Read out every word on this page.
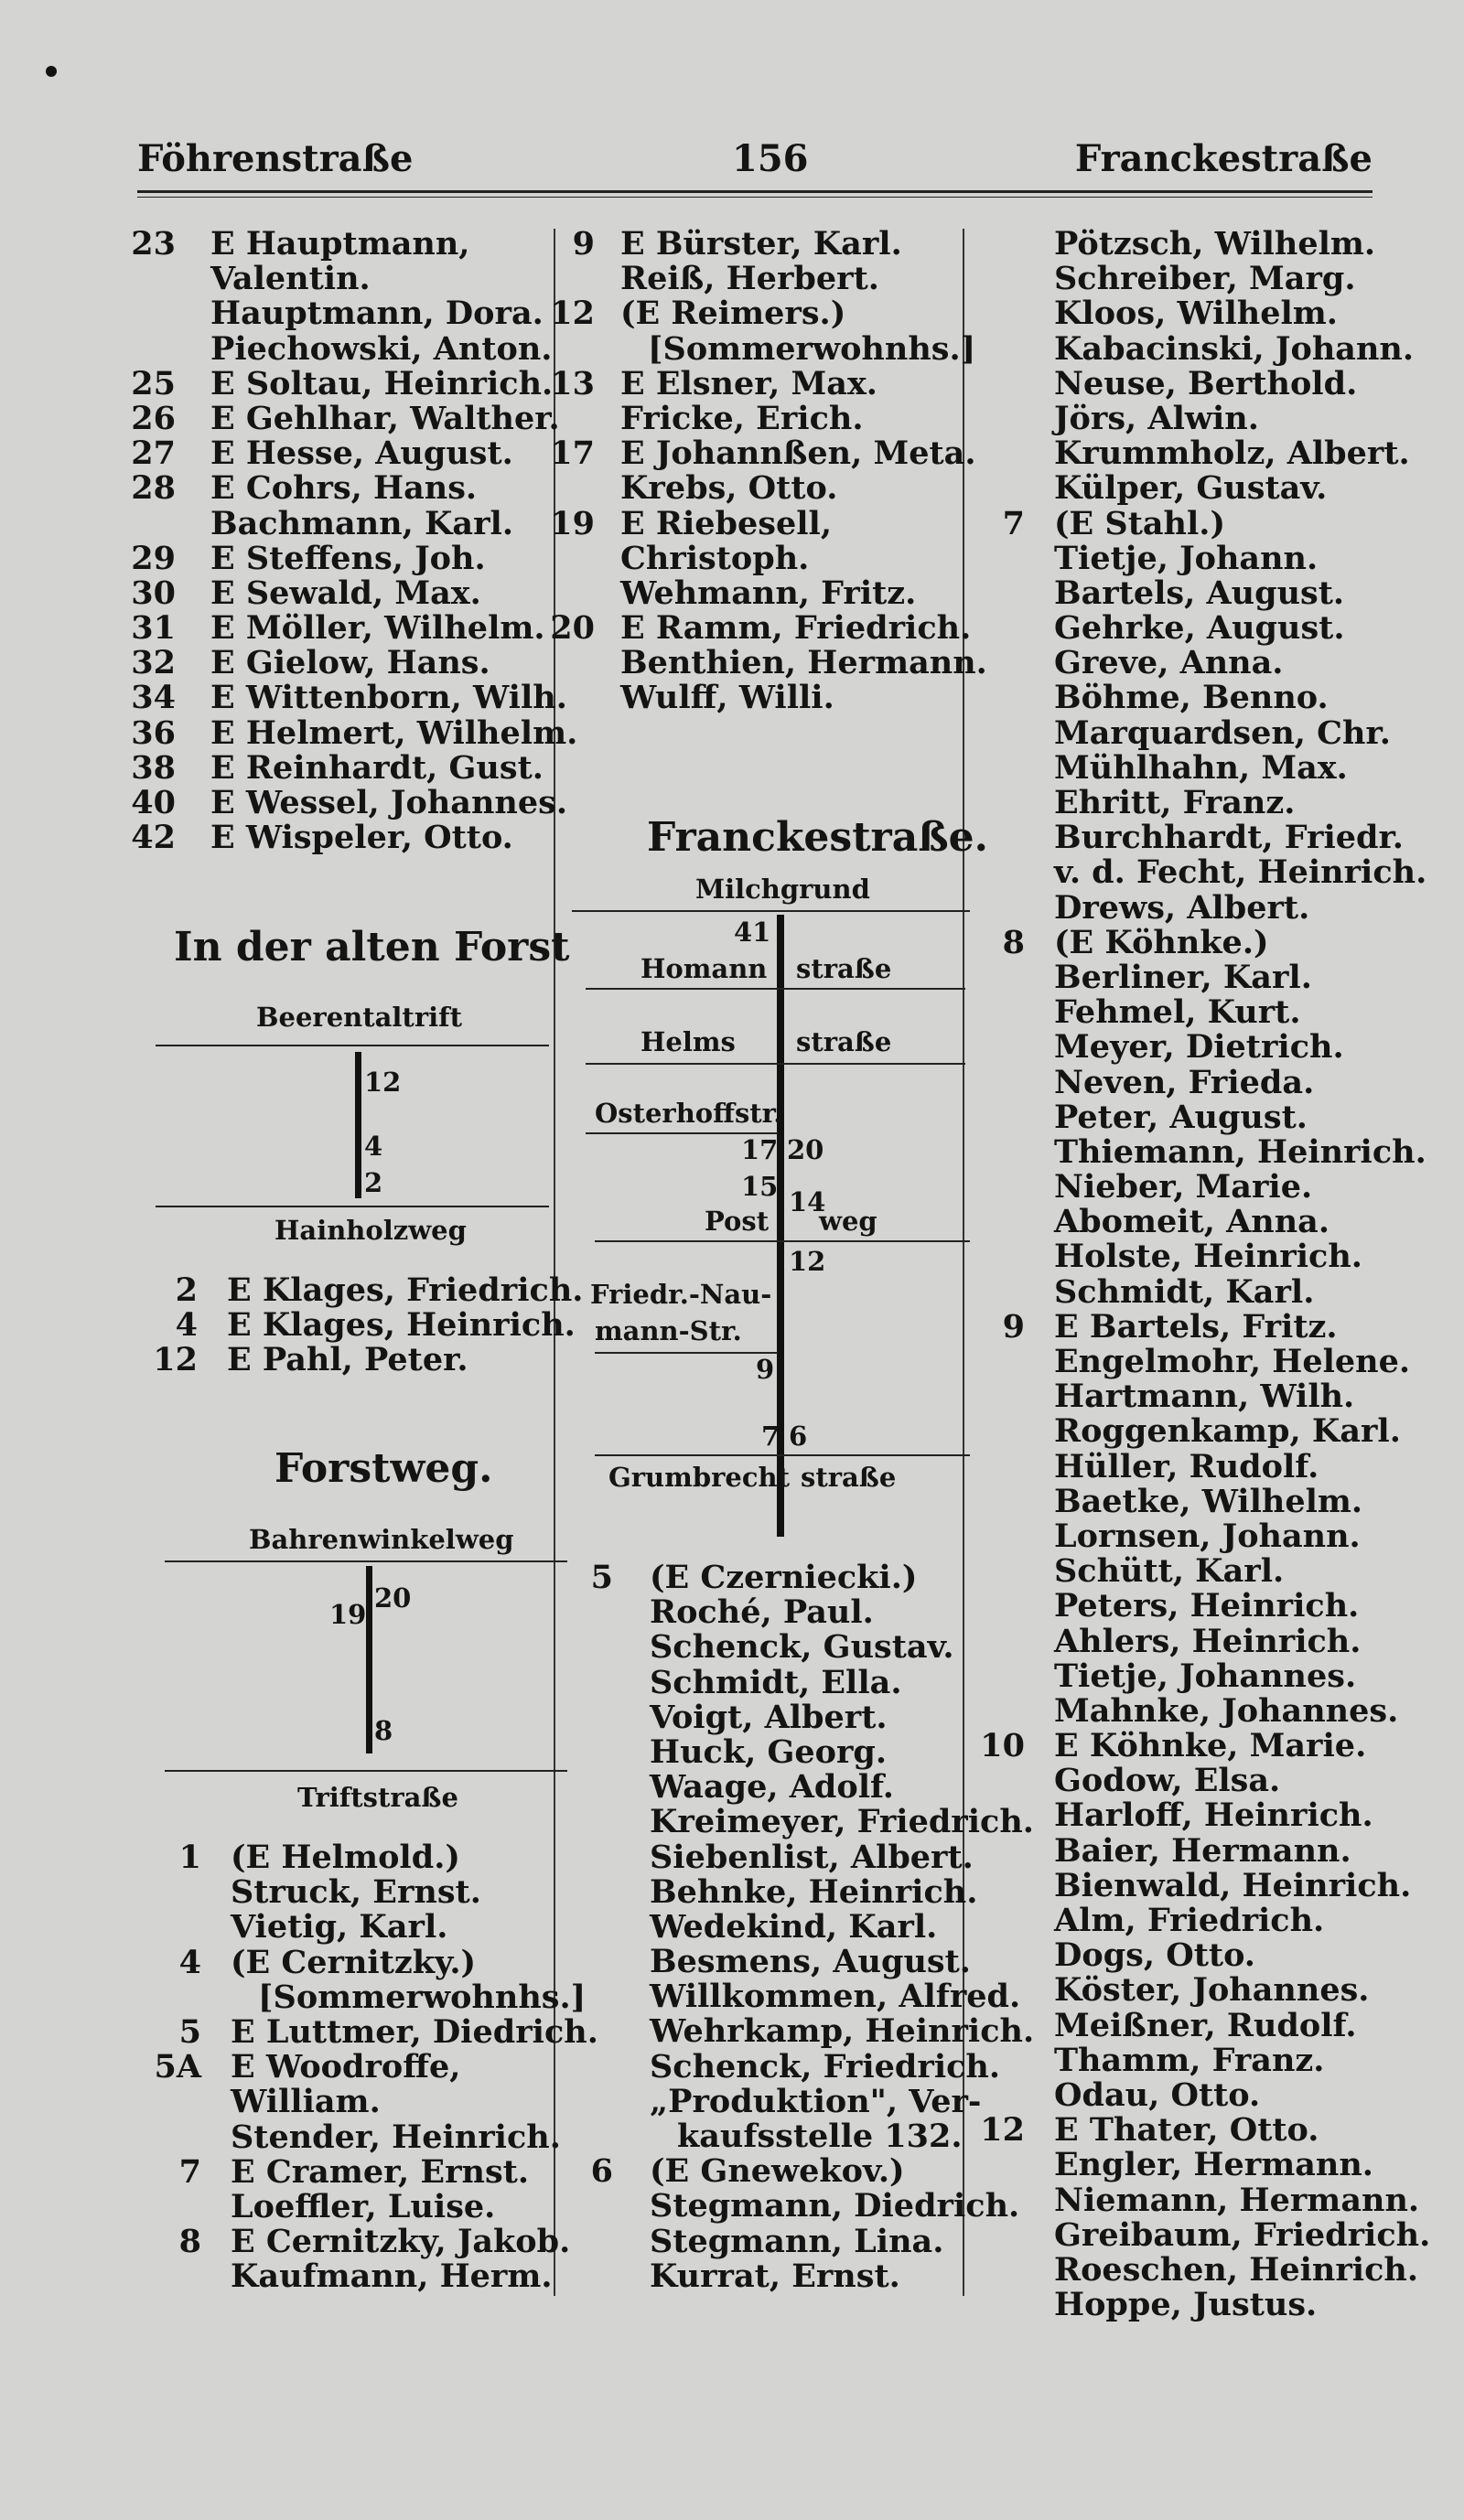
Föhrenstraße	156	Franckestraße
23 E Hauptmann,
Valentin.
Hauptmann, Dora.
Piechowski, Anton.
25 E Soltau, Heinrich.
26 E Gehlhar, Walther.
27 E Hesse, August.
28 E Cohrs, Hans.
Bachmann, Karl.
29 E Steffens, Joh.
30 E Sewald, Max.
31 E Möller, Wilhelm.
32 E Gielow, Hans.
34 E Wittenborn, Wilh.
36 E Helmert, Wilhelm.
38 E Reinhardt, Gust.
40 E Wessel, Johannes.
42 E Wispeler, Otto.
In der alten Forst
Beerentaltrift
12
4
2
Hainholzweg
2 E Klages, Friedrich.
4 E Klages, Heinrich.
12 E Pahl, Peter.
Forstweg.
Bahrenwinkelweg
19
20
8
Triftstraße
1 (E Helmold.)
Struck, Ernst.
Vietig, Karl.
4 (E Cernitzky.)
[Sommerwohnhs.]
5 E Luttmer, Diedrich.
5A E Woodroffe,
William.
Stender, Heinrich.
7 E Cramer, Ernst.
Loeffler, Luise.
8 E Cernitzky, Jakob.
Kaufmann, Herm.
9 E Bürster, Karl.
Reiß, Herbert.
12 (E Reimers.)
[Sommerwohnhs.]
13 E Elsner, Max.
Fricke, Erich.
17 E Johannßen, Meta.
Krebs, Otto.
19 E Riebesell,
Christoph.
Wehmann, Fritz.
20 E Ramm, Friedrich.
Benthien, Hermann.
Wulff, Willi.
Franckestraße.
Milchgrund
41
Homann straße
Helms straße
Osterhoffstr.
17 20
15 14
Post weg
12
Friedr.-Nau-
mann-Str.
9
7 6
Grumbrecht straße
5 (E Czerniecki.)
Roché, Paul.
Schenck, Gustav.
Schmidt, Ella.
Voigt, Albert.
Huck, Georg.
Waage, Adolf.
Kreimeyer, Friedrich.
Siebenlist, Albert.
Behnke, Heinrich.
Wedekind, Karl.
Besmens, August.
Willkommen, Alfred.
Wehrkamp, Heinrich.
Schenck, Friedrich.
„Produktion", Ver-
kaufsstelle 132.
6 (E Gnewekov.)
Stegmann, Diedrich.
Stegmann, Lina.
Kurrat, Ernst.
Pötzsch, Wilhelm.
Schreiber, Marg.
Kloos, Wilhelm.
Kabacinski, Johann.
Neuse, Berthold.
Jörs, Alwin.
Krummholz, Albert.
Külper, Gustav.
7 (E Stahl.)
Tietje, Johann.
Bartels, August.
Gehrke, August.
Greve, Anna.
Böhme, Benno.
Marquardsen, Chr.
Mühlhahn, Max.
Ehritt, Franz.
Burchhardt, Friedr.
v. d. Fecht, Heinrich.
Drews, Albert.
8 (E Köhnke.)
Berliner, Karl.
Fehmel, Kurt.
Meyer, Dietrich.
Neven, Frieda.
Peter, August.
Thiemann, Heinrich.
Nieber, Marie.
Abomeit, Anna.
Holste, Heinrich.
Schmidt, Karl.
9 E Bartels, Fritz.
Engelmohr, Helene.
Hartmann, Wilh.
Roggenkamp, Karl.
Hüller, Rudolf.
Baetke, Wilhelm.
Lornsen, Johann.
Schütt, Karl.
Peters, Heinrich.
Ahlers, Heinrich.
Tietje, Johannes.
Mahnke, Johannes.
10 E Köhnke, Marie.
Godow, Elsa.
Harloff, Heinrich.
Baier, Hermann.
Bienwald, Heinrich.
Alm, Friedrich.
Dogs, Otto.
Köster, Johannes.
Meißner, Rudolf.
Thamm, Franz.
Odau, Otto.
12 E Thater, Otto.
Engler, Hermann.
Niemann, Hermann.
Greibaum, Friedrich.
Roeschen, Heinrich.
Hoppe, Justus.
